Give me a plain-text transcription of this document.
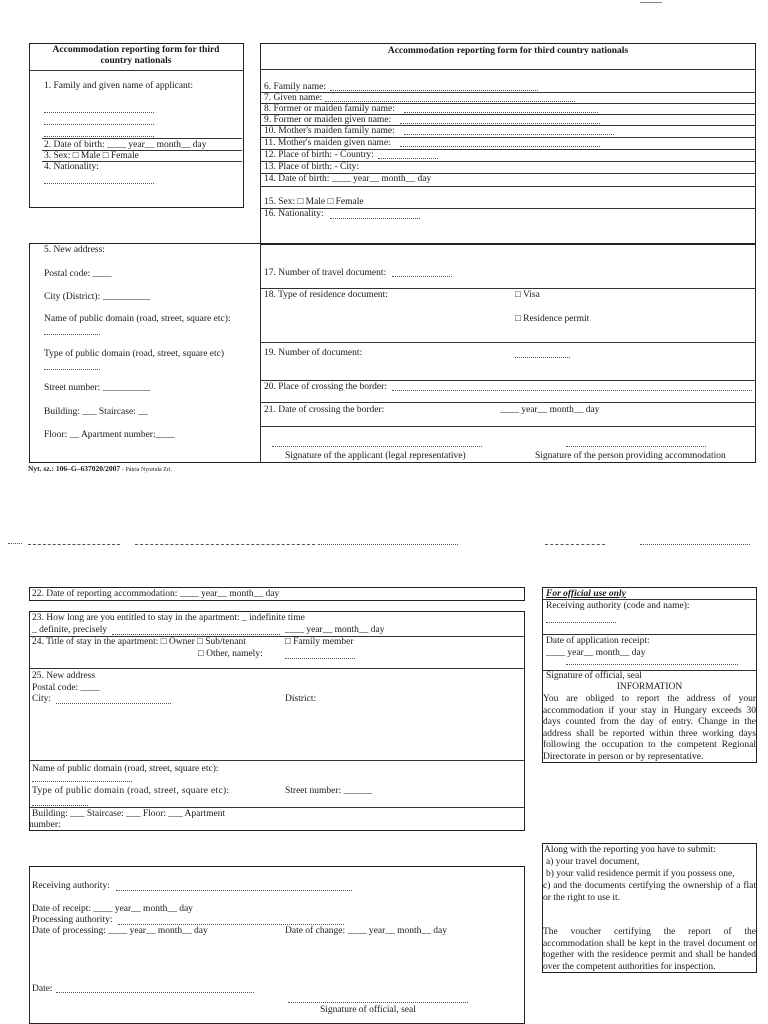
Accommodation reporting form for third country nationals
1. Family and given name of applicant:
2. Date of birth: ____ year__ month__ day
3. Sex: □ Male □ Female
4. Nationality:
Accommodation reporting form for third country nationals
6. Family name:
7. Given name:
8. Former or maiden family name:
9. Former or maiden given name:
10. Mother's maiden family name:
11. Mother's maiden given name:
12. Place of birth: - Country:
13. Place of birth: - City:
14. Date of birth: ____ year__ month__ day
15. Sex: □ Male □ Female
16. Nationality:
5. New address:
Postal code: ____
City (District): __________
Name of public domain (road, street, square etc):
Type of public domain (road, street, square etc)
Street number: __________
Building: ___ Staircase: __
Floor: __ Apartment number:____
17. Number of travel document:
18. Type of residence document:	□ Visa
□ Residence permit
19. Number of document:
20. Place of crossing the border:
21. Date of crossing the border:	____ year__ month__ day
Signature of the applicant (legal representative)	Signature of the person providing accommodation
Nyt. sz.: 106–G–637020/2007 - Pátria Nyomda Zrt.
22. Date of reporting accommodation: ____ year__ month__ day
23. How long are you entitled to stay in the apartment: _ indefinite time
_ definite, precisely	____ year__ month__ day
24. Title of stay in the apartment: □ Owner □ Sub/tenant	□ Family member
□ Other, namely:
25. New address
Postal code: ____
City:	District:
Name of public domain (road, street, square etc):
Type of public domain (road, street, square etc):	Street number: ______
Building: ___ Staircase: ___ Floor: ___ Apartment
number:
For official use only
Receiving authority (code and name):
Date of application receipt:
____ year__ month__ day
Signature of official, seal
INFORMATION
You are obliged to report the address of your accommodation if your stay in Hungary exceeds 30 days counted from the day of entry. Change in the address shall be reported within three working days following the occupation to the competent Regional Directorate in person or by representative.
Receiving authority:
Date of receipt: ____ year__ month__ day
Processing authority:
Date of processing: ____ year__ month__ day	Date of change: ____ year__ month__ day
Date:
Signature of official, seal
Along with the reporting you have to submit:
a) your travel document,
b) your valid residence permit if you possess one,
c) and the documents certifying the ownership of a flat or the right to use it.
The voucher certifying the report of the accommodation shall be kept in the travel document or together with the residence permit and shall be handed over the competent authorities for inspection.
